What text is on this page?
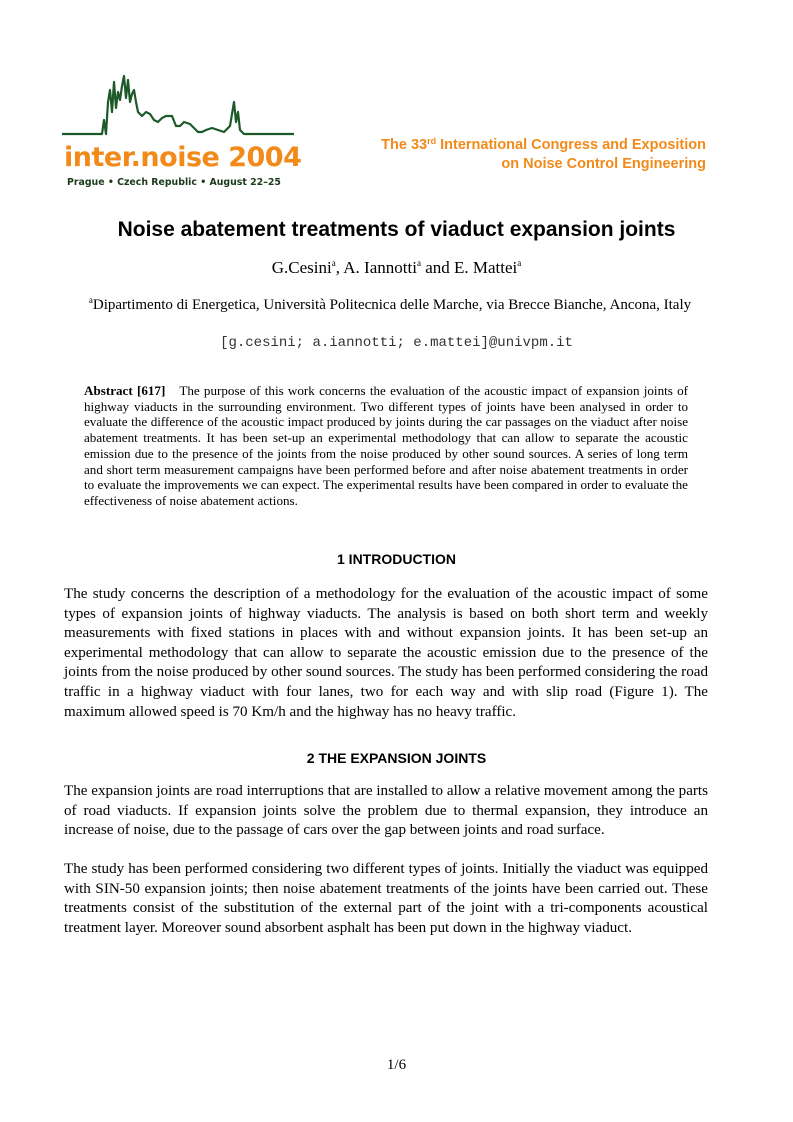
inter.noise 2004
Prague • Czech Republic • August 22–25
The 33rd International Congress and Exposition
on Noise Control Engineering
Noise abatement treatments of viaduct expansion joints
G.Cesini$^a$, A. Iannotti$^a$ and E. Mattei$^a$
$^a$Dipartimento di Energetica, Università Politecnica delle Marche, via Brecce Bianche, Ancona, Italy
[g.cesini; a.iannotti; e.mattei]@univpm.it
Abstract [617] The purpose of this work concerns the evaluation of the acoustic impact of expansion joints of highway viaducts in the surrounding environment. Two different types of joints have been analysed in order to evaluate the difference of the acoustic impact produced by joints during the car passages on the viaduct after noise abatement treatments. It has been set-up an experimental methodology that can allow to separate the acoustic emission due to the presence of the joints from the noise produced by other sound sources. A series of long term and short term measurement campaigns have been performed before and after noise abatement treatments in order to evaluate the improvements we can expect. The experimental results have been compared in order to evaluate the effectiveness of noise abatement actions.
1 INTRODUCTION

The study concerns the description of a methodology for the evaluation of the acoustic impact of some types of expansion joints of highway viaducts. The analysis is based on both short term and weekly measurements with fixed stations in places with and without expansion joints. It has been set-up an experimental methodology that can allow to separate the acoustic emission due to the presence of the joints from the noise produced by other sound sources. The study has been performed considering the road traffic in a highway viaduct with four lanes, two for each way and with slip road (Figure 1). The maximum allowed speed is 70 Km/h and the highway has no heavy traffic.

2 THE EXPANSION JOINTS

The expansion joints are road interruptions that are installed to allow a relative movement among the parts of road viaducts. If expansion joints solve the problem due to thermal expansion, they introduce an increase of noise, due to the passage of cars over the gap between joints and road surface.

The study has been performed considering two different types of joints. Initially the viaduct was equipped with SIN-50 expansion joints; then noise abatement treatments of the joints have been carried out. These treatments consist of the substitution of the external part of the joint with a tri-components acoustical treatment layer. Moreover sound absorbent asphalt has been put down in the highway viaduct.

1/6
